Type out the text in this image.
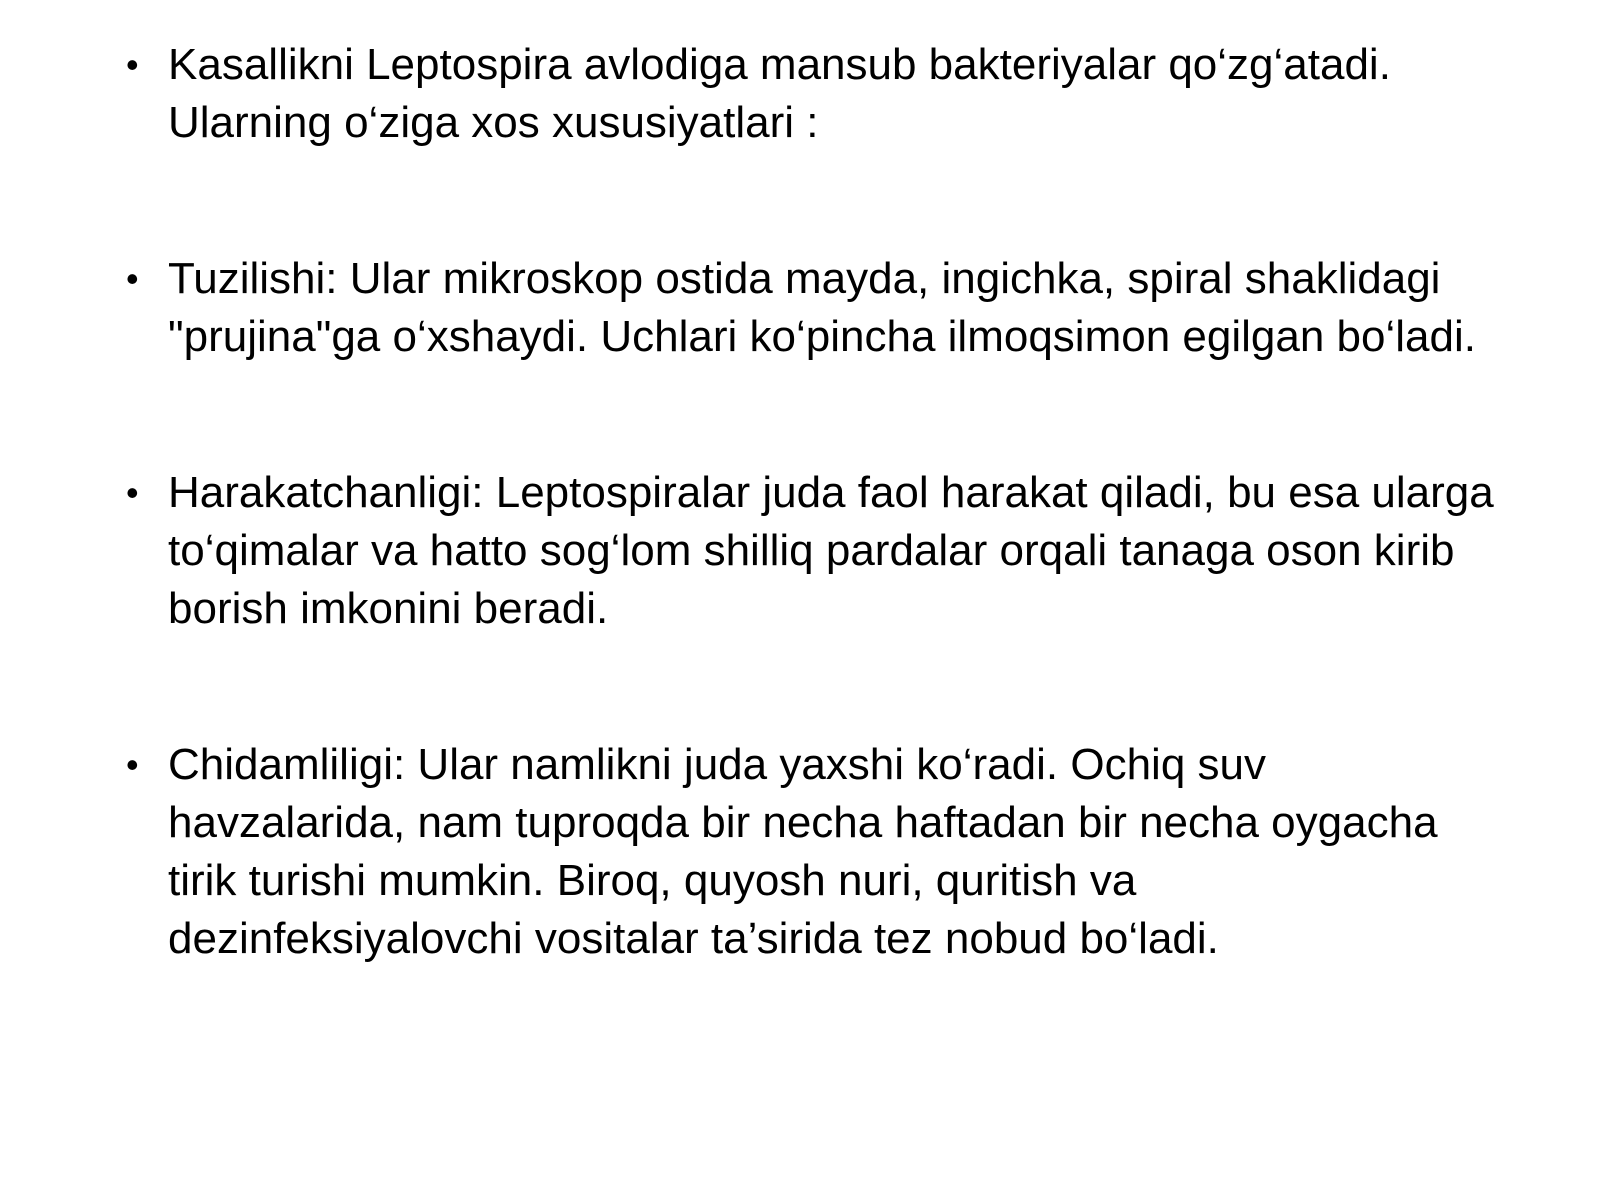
• Kasallikni Leptospira avlodiga mansub bakteriyalar qo‘zg‘atadi. Ularning o‘ziga xos xususiyatlari :
• Tuzilishi: Ular mikroskop ostida mayda, ingichka, spiral shaklidagi "prujina"ga o‘xshaydi. Uchlari ko‘pincha ilmoqsimon egilgan bo‘ladi.
• Harakatchanligi: Leptospiralar juda faol harakat qiladi, bu esa ularga to‘qimalar va hatto sog‘lom shilliq pardalar orqali tanaga oson kirib borish imkonini beradi.
• Chidamliligi: Ular namlikni juda yaxshi ko‘radi. Ochiq suv havzalarida, nam tuproqda bir necha haftadan bir necha oygacha tirik turishi mumkin. Biroq, quyosh nuri, quritish va dezinfeksiyalovchi vositalar ta’sirida tez nobud bo‘ladi.
